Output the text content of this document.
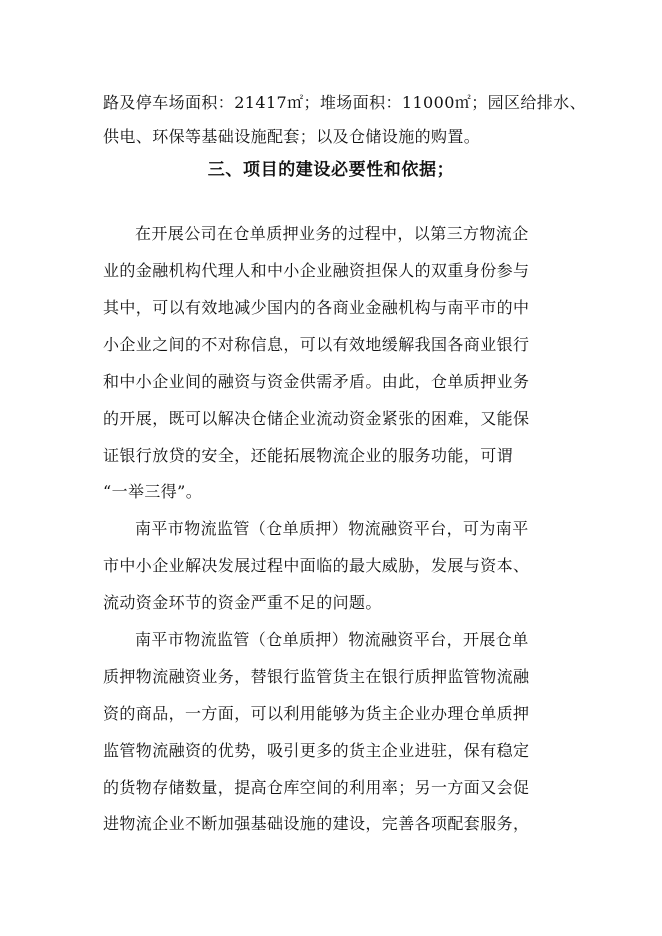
路及停车场面积：21417㎡；堆场面积：11000㎡；园区给排水、
供电、环保等基础设施配套；以及仓储设施的购置。
三、项目的建设必要性和依据；
在开展公司在仓单质押业务的过程中，以第三方物流企
业的金融机构代理人和中小企业融资担保人的双重身份参与
其中，可以有效地减少国内的各商业金融机构与南平市的中
小企业之间的不对称信息，可以有效地缓解我国各商业银行
和中小企业间的融资与资金供需矛盾。由此，仓单质押业务
的开展，既可以解决仓储企业流动资金紧张的困难，又能保
证银行放贷的安全，还能拓展物流企业的服务功能，可谓
“一举三得”。
南平市物流监管（仓单质押）物流融资平台，可为南平
市中小企业解决发展过程中面临的最大威胁，发展与资本、
流动资金环节的资金严重不足的问题。
南平市物流监管（仓单质押）物流融资平台，开展仓单
质押物流融资业务，替银行监管货主在银行质押监管物流融
资的商品，一方面，可以利用能够为货主企业办理仓单质押
监管物流融资的优势，吸引更多的货主企业进驻，保有稳定
的货物存储数量，提高仓库空间的利用率；另一方面又会促
进物流企业不断加强基础设施的建设，完善各项配套服务，
